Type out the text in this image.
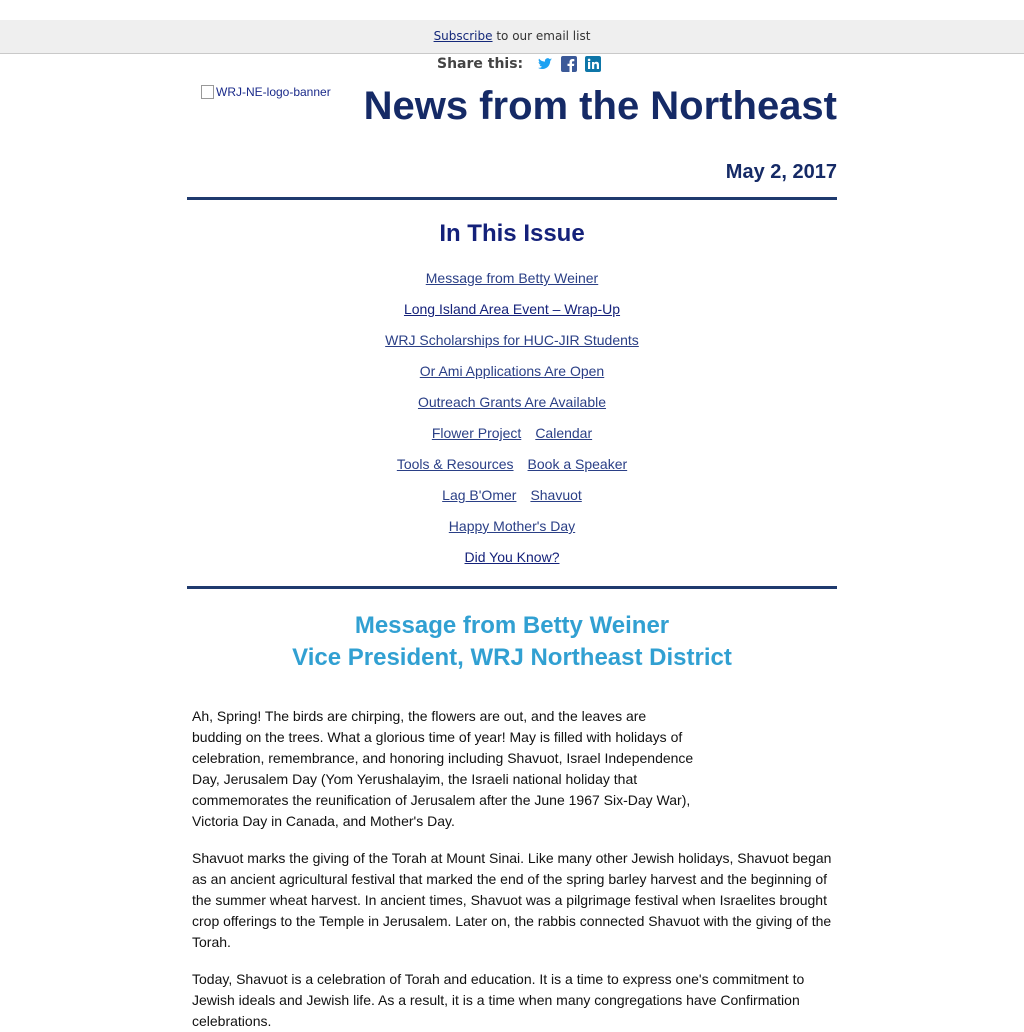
Subscribe to our email list
Share this:
WRJ-NE-logo-banner News from the Northeast
May 2, 2017
In This Issue
Message from Betty Weiner
Long Island Area Event – Wrap-Up
WRJ Scholarships for HUC-JIR Students
Or Ami Applications Are Open
Outreach Grants Are Available
Flower Project Calendar
Tools & Resources Book a Speaker
Lag B'Omer Shavuot
Happy Mother's Day
Did You Know?
Message from Betty Weiner
Vice President, WRJ Northeast District
Ah, Spring! The birds are chirping, the flowers are out, and the leaves are budding on the trees. What a glorious time of year! May is filled with holidays of celebration, remembrance, and honoring including Shavuot, Israel Independence Day, Jerusalem Day (Yom Yerushalayim, the Israeli national holiday that commemorates the reunification of Jerusalem after the June 1967 Six-Day War), Victoria Day in Canada, and Mother's Day.
Shavuot marks the giving of the Torah at Mount Sinai. Like many other Jewish holidays, Shavuot began as an ancient agricultural festival that marked the end of the spring barley harvest and the beginning of the summer wheat harvest. In ancient times, Shavuot was a pilgrimage festival when Israelites brought crop offerings to the Temple in Jerusalem. Later on, the rabbis connected Shavuot with the giving of the Torah.
Today, Shavuot is a celebration of Torah and education. It is a time to express one's commitment to Jewish ideals and Jewish life. As a result, it is a time when many congregations have Confirmation celebrations.
